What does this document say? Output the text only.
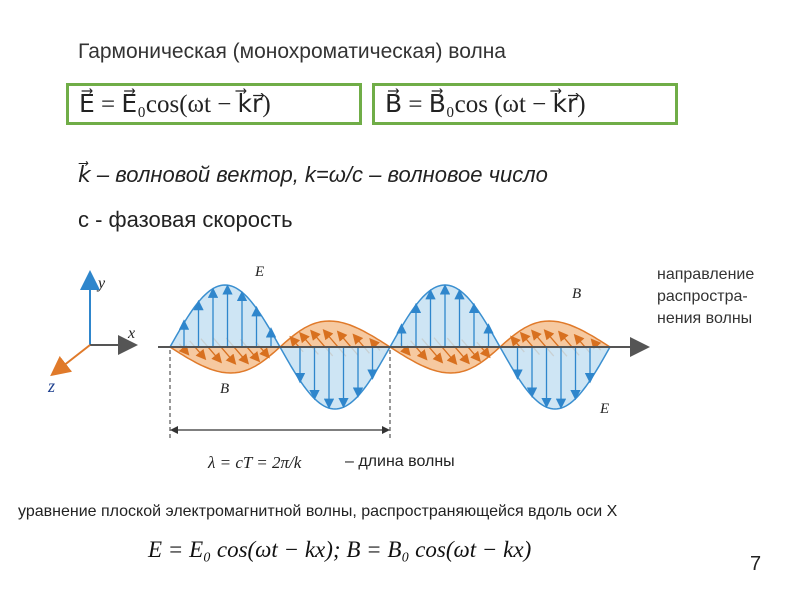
Гармоническая (монохроматическая) волна
E⃗ = E⃗₀cos(ωt − k⃗r⃗)	B⃗ = B⃗₀cos (ωt − k⃗r⃗)
k⃗ – волновой вектор, k=ω/c – волновое число
c - фазовая скорость
y
x
z
E⃗
B⃗
B⃗
E⃗
λ = cT = 2π/k	– длина волны
направление
распростра-
нения волны
уравнение плоской электромагнитной волны, распространяющейся вдоль оси X
E = E₀ cos(ωt − kx); B = B₀ cos(ωt − kx)
7
